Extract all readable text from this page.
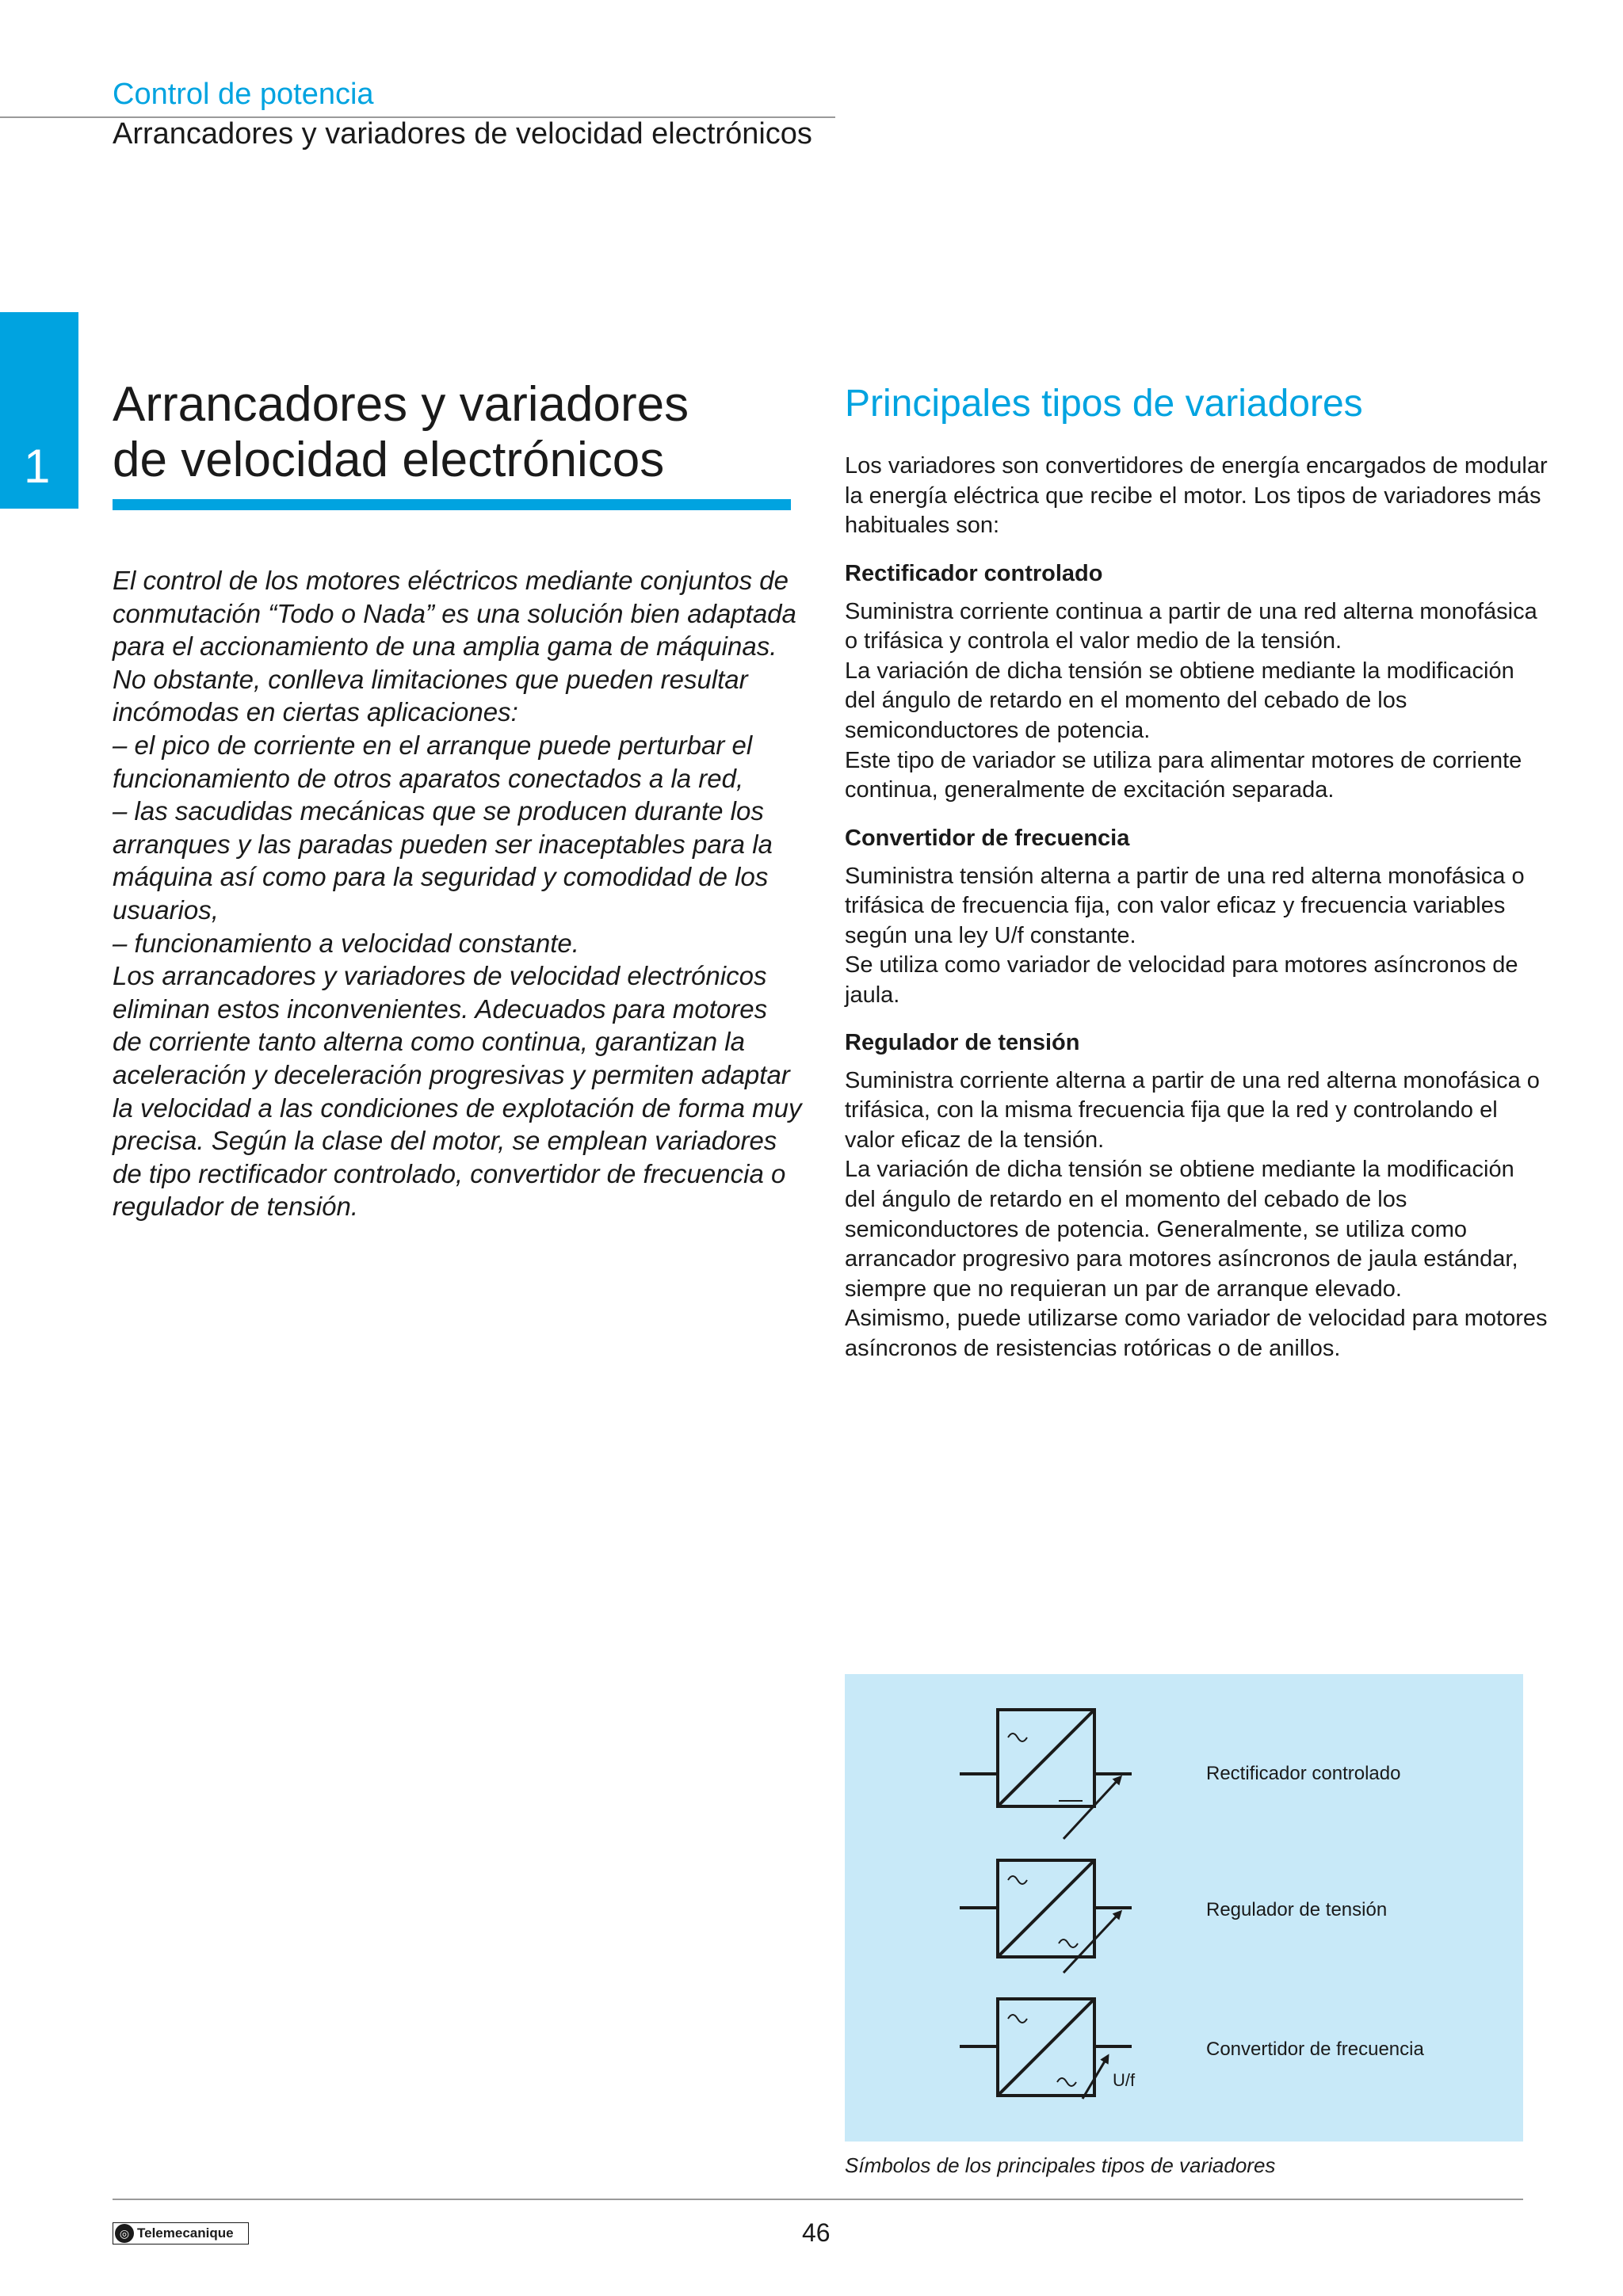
Control de potencia
Arrancadores y variadores de velocidad electrónicos
1
Arrancadores y variadores
de velocidad electrónicos

El control de los motores eléctricos mediante conjuntos de conmutación “Todo o Nada” es una solución bien adaptada para el accionamiento de una amplia gama de máquinas. No obstante, conlleva limitaciones que pueden resultar incómodas en ciertas aplicaciones:

– el pico de corriente en el arranque puede perturbar el funcionamiento de otros aparatos conectados a la red,

– las sacudidas mecánicas que se producen durante los arranques y las paradas pueden ser inaceptables para la máquina así como para la seguridad y comodidad de los usuarios,

– funcionamiento a velocidad constante.

Los arrancadores y variadores de velocidad electrónicos eliminan estos inconvenientes. Adecuados para motores de corriente tanto alterna como continua, garantizan la aceleración y deceleración progresivas y permiten adaptar la velocidad a las condiciones de explotación de forma muy precisa. Según la clase del motor, se emplean variadores de tipo rectificador controlado, convertidor de frecuencia o regulador de tensión.

Principales tipos de variadores

Los variadores son convertidores de energía encargados de modular la energía eléctrica que recibe el motor. Los tipos de variadores más habituales son:

Rectificador controlado

Suministra corriente continua a partir de una red alterna monofásica o trifásica y controla el valor medio de la tensión.

La variación de dicha tensión se obtiene mediante la modificación del ángulo de retardo en el momento del cebado de los semiconductores de potencia.

Este tipo de variador se utiliza para alimentar motores de corriente continua, generalmente de excitación separada.

Convertidor de frecuencia

Suministra tensión alterna a partir de una red alterna monofásica o trifásica de frecuencia fija, con valor eficaz y frecuencia variables según una ley U/f constante.

Se utiliza como variador de velocidad para motores asíncronos de jaula.

Regulador de tensión

Suministra corriente alterna a partir de una red alterna monofásica o trifásica, con la misma frecuencia fija que la red y controlando el valor eficaz de la tensión.

La variación de dicha tensión se obtiene mediante la modificación del ángulo de retardo en el momento del cebado de los semiconductores de potencia. Generalmente, se utiliza como arrancador progresivo para motores asíncronos de jaula estándar, siempre que no requieran un par de arranque elevado.

Asimismo, puede utilizarse como variador de velocidad para motores asíncronos de resistencias rotóricas o de anillos.

U/f
Rectificador controlado
Regulador de tensión
Convertidor de frecuencia
Símbolos de los principales tipos de variadores
◎ Telemecanique	46
